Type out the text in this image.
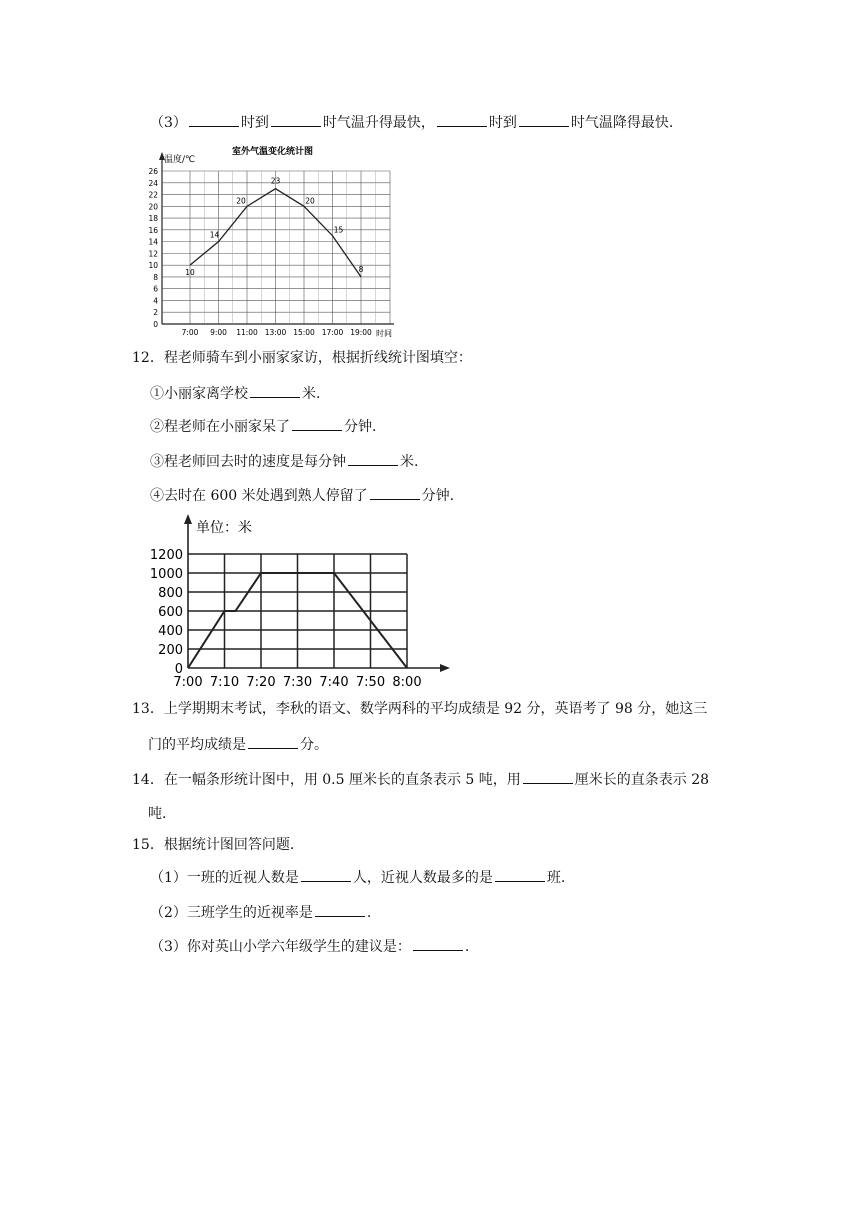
（3）	时到	时气温升得最快，	时到	时气温降得最快.
室外气温变化统计图
温度/℃
时间
0
2
4
6
8
10
12
14
16
18
20
22
24
26
7:00 9:00 11:00 13:00 15:00 17:00 19:00
10
14
20
23
20
15
8
12．程老师骑车到小丽家家访，根据折线统计图填空：
①小丽家离学校	米.
②程老师在小丽家呆了	分钟.
③程老师回去时的速度是每分钟	米.
④去时在 600 米处遇到熟人停留了	分钟.
单位：米
0
200
400
600
800
1000
1200
7:00 7:10 7:20 7:30 7:40 7:50 8:00
13．上学期期末考试，李秋的语文、数学两科的平均成绩是 92 分，英语考了 98 分，她这三
门的平均成绩是	分。
14．在一幅条形统计图中，用 0.5 厘米长的直条表示 5 吨，用	厘米长的直条表示 28
吨.
15．根据统计图回答问题.
（1）一班的近视人数是	人，近视人数最多的是	班.
（2）三班学生的近视率是	.
（3）你对英山小学六年级学生的建议是：	.
